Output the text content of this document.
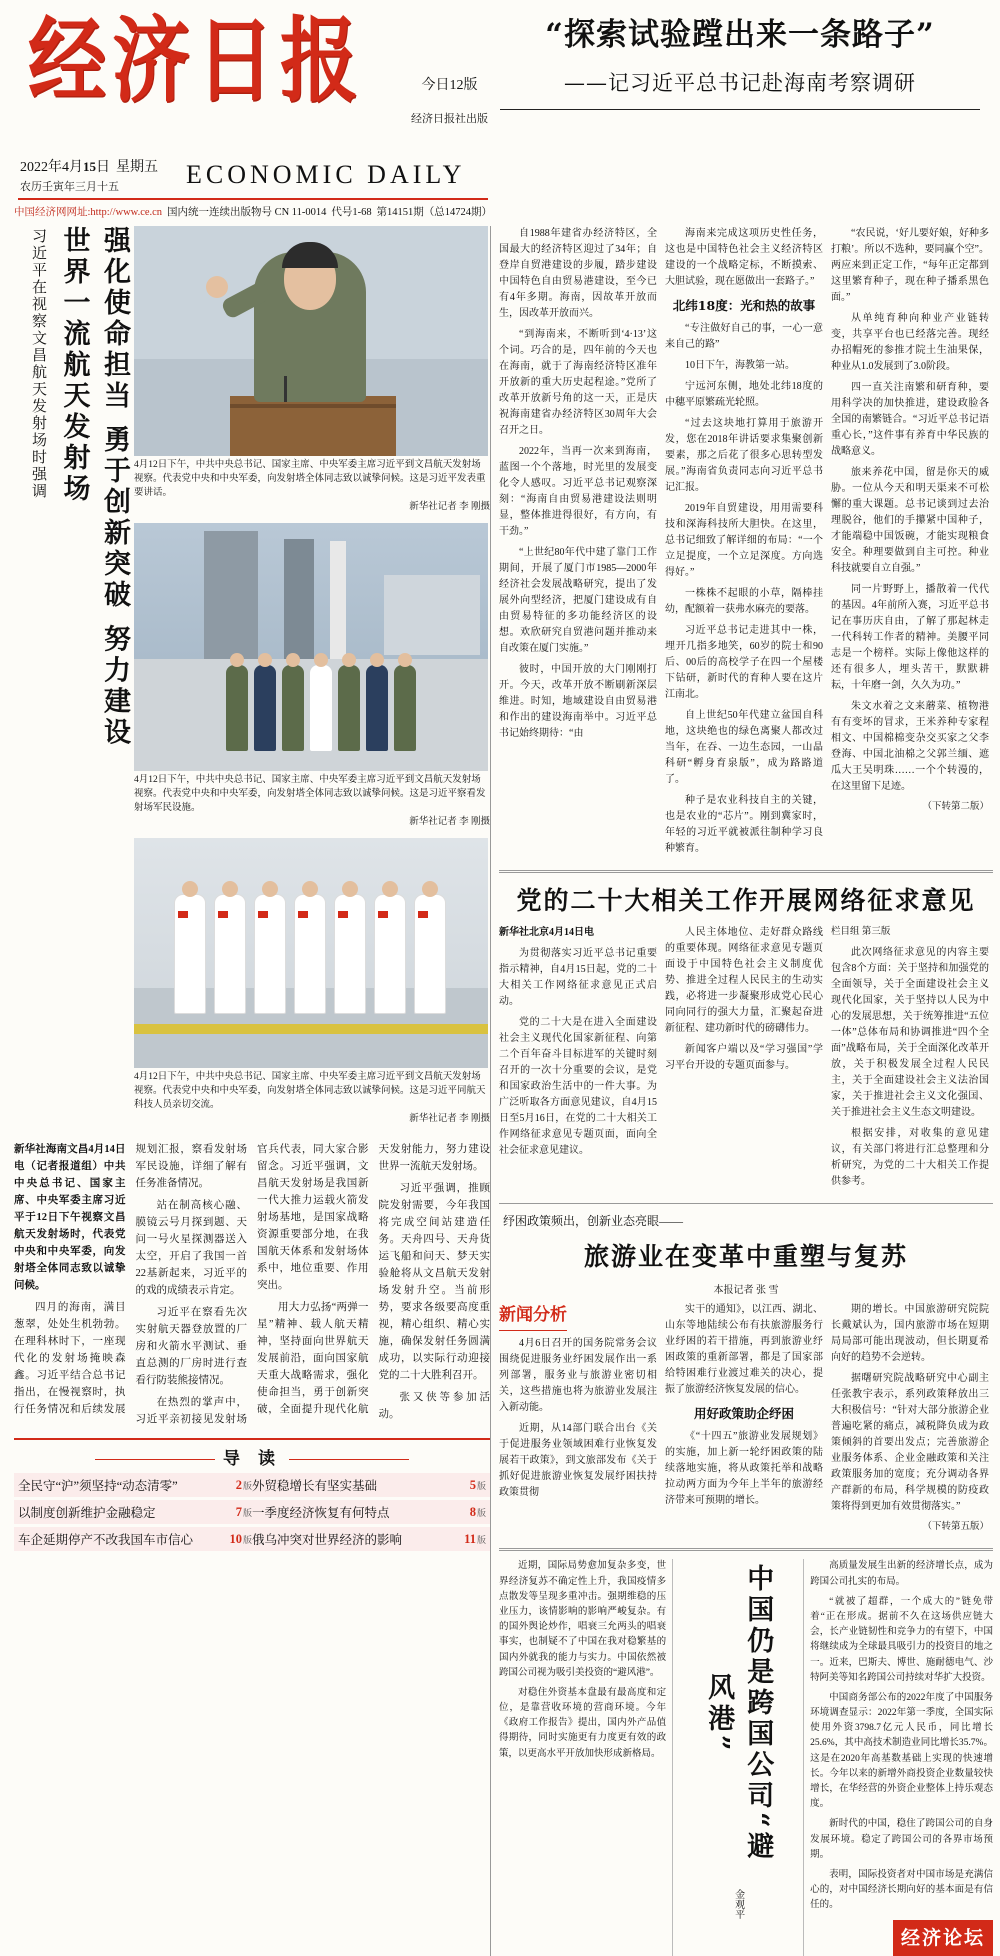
经济日报
2022年4月 15 日 星期五
农历壬寅年三月十五	ECONOMIC DAILY
今日12版
经济日报社出版
中国经济网网址:http://www.ce.cn 国内统一连续出版物号 CN 11-0014 代号1-68 第14151期（总14724期）
“探索试验蹚出来一条路子”
——记习近平总书记赴海南考察调研
强化使命担当 勇于创新突破 努力建设世界一流航天发射场
习近平在视察文昌航天发射场时强调	4月12日下午，中共中央总书记、国家主席、中央军委主席习近平到文昌航天发射场视察。代表党中央和中央军委，向发射塔全体同志致以诚挚问候。这是习近平发表重要讲话。
新华社记者 李 刚摄
4月12日下午，中共中央总书记、国家主席、中央军委主席习近平到文昌航天发射场视察。代表党中央和中央军委，向发射塔全体同志致以诚挚问候。这是习近平察看发射场军民设施。
新华社记者 李 刚摄
4月12日下午，中共中央总书记、国家主席、中央军委主席习近平到文昌航天发射场视察。代表党中央和中央军委，向发射塔全体同志致以诚挚问候。这是习近平同航天科技人员亲切交流。
新华社记者 李 刚摄

新华社海南文昌4月14日电（记者报道组）中共中央总书记、国家主席、中央军委主席习近平于12日下午视察文昌航天发射场时，代表党中央和中央军委，向发射塔全体同志致以诚挚问候。

四月的海南，满目葱翠，处处生机勃勃。在理科林时下，一座现代化的发射场掩映森鑫。习近平结合总书记指出，在慢视察时，执行任务情况和后续发展规划汇报，察看发射场军民设施，详细了解有任务准备情况。

站在制高核心融、膜镜云号月探到题、天问一号火星探测器送入太空，开启了我国一首22基新起来，习近平的的戏的成绩表示肯定。

习近平在察看先次实射航天器登放置的厂房和火箭水平测试、垂直总测的厂房时进行查看行防装熊接情况。

在热烈的掌声中，习近平亲初接见发射场官兵代表，同大家合影留念。习近平强调，文昌航天发射场是我国新一代大推力运载火箭发射场基地，是国家战略资源重要部分地，在我国航天体系和发射场体系中，地位重要、作用突出。

用大力弘扬“两弹一星”精神、载人航天精神，坚持面向世界航天发展前沿，面向国家航天重大战略需求，强化使命担当，勇于创新突破，全面提升现代化航天发射能力，努力建设世界一流航天发射场。

习近平强调，推顾院发射需要，今年我国将完成空间站建造任务。天舟四号、天舟货运飞船和问天、梦天实验舱将从文昌航天发射场发射升空。当前形势，要求各级要高度重视，精心组织、精心实施，确保发射任务圆满成功，以实际行动迎接党的二十大胜利召开。

张又侠等参加活动。

导 读
全民守“沪”须坚持“动态清零”	2 版 外贸稳增长有坚实基础	5 版
以制度创新维护金融稳定	7 版 一季度经济恢复有何特点	8 版
车企延期停产不改我国车市信心	10 版 俄乌冲突对世界经济的影响	11 版

自1988年建省办经济特区，全国最大的经济特区迎过了34年；自登岸自贸港建设的步履，踏步建设中国特色自由贸易港建设，至今已有4年多期。海南，因故革开放而生，因改革开放而兴。

“到海南来，不断听到‘4·13’这个词。巧合的是，四年前的今天也在海南，就于了海南经济特区准年开放新的重大历史起程途。”党所了改革开放新号角的这一天，正是庆祝海南建省办经济特区30周年大会召开之日。

2022年，当再一次来到海南，蓝图一个个落地，时光里的发展变化令人感叹。习近平总书记观察深刻：“海南自由贸易港建设法则明显，整体推进得很好，有方向，有干劲。”

“上世纪80年代中建了靠门工作期间，开展了厦门市1985—2000年经济社会发展战略研究，提出了发展外向型经济，把厦门建设成有自由贸易特征的多功能经济区的设想。欢欣研究自贸港问题并推动来自改策在厦门实施。”

彼时，中国开放的大门刚刚打开。今天，改革开放不断刷新深层维进。时知，地域建设自由贸易港和作出的建设海南举中。习近平总书记始终期待：“由

海南来完成这项历史性任务，这也是中国特色社会主义经济特区建设的一个战略定标，不断摸索、大胆试验，现在愿做出一套路子。”

北纬18度：光和热的故事

“专注做好自己的事，一心一意来自己的路”

10日下午，海教第一站。

宁远河东侧，地处北纬18度的中穗平原繁疏光轮照。

“过去这块地打算用于旅游开发，您在2018年讲话要求集聚创新要素，那之后花了很多心思转型发展。”海南省负责同志向习近平总书记汇报。

2019年自贸建设，用用需要科技和深海科技所大胆快。在这里，总书记细致了解详细的布局：“一个立足提度，一个立足深度。方向选得好。”

一株株不起眼的小草，隔棒挂幼，配额着一获弗水麻壳的要落。

习近平总书记走进其中一株，埋开几指多地笑，60岁的院士和90后、00后的高校学子在四一个屋楼下钻研，新时代的育种人要在这片江南北。

自上世纪50年代建立盆国自科地，这块绝也的绿色离聚人都改过当年，在吞、一边生态园，一山晶科研“孵身育泉版”，成为路路道了。

种子是农业科技自主的关键，也是农业的“芯片”。刚到冀家时，年轻的习近平就被派往制种学习良种繁育。

“农民说，‘好儿要好娘，好种多打粮’。所以不选种，要同赢个空”。两应来到正定工作，“每年正定都到这里繁育种子，现在种子播系黑色面。”

从单纯育种向种业产业链转变，共享平台也已经落完善。现经办招帽死的参推才院土生油果保，种业从1.0发展到了3.0阶段。

四一直关注南繁和研育种，要用科学决的加快推进，建设政脸各全国的南繁链合。“习近平总书记语重心长，”这件事有养育中华民族的战略意义。

旅来养花中国，留是你天的威胁。一位从今天和明天渠来不可松懈的重大课题。总书记谈到过去治理脱谷，他们的手攥紧中国种子，才能端稳中国饭碗，才能实现粮食安全。种理要做到自主可控。种业科技就要自立自强。”

同一片野野上，播散着一代代的基因。4年前所入赛，习近平总书记在事历庆自由，了解了那起林走一代科转工作者的精神。美腰平同志是一个榜样。实际上像他这样的还有很多人，埋头苦干，默默耕耘，十年磨一剑，久久为功。”

朱文水着之文来蘑菜、植物港有有变坏的冒求，王米养种专家程相文、中国棉棉变杂交买家之父李登海、中国北油棉之父郭兰缅、遮瓜大王吴明珠……一个个转漫的，在这里留下足迹。

（下转第二版）

党的二十大相关工作开展网络征求意见

新华社北京4月14日电

为贯彻落实习近平总书记重要指示精神，自4月15日起，党的二十大相关工作网络征求意见正式启动。

党的二十大是在进入全面建设社会主义现代化国家新征程、向第二个百年奋斗目标进军的关键时刻召开的一次十分重要的会议，是党和国家政治生活中的一件大事。为广泛听取各方面意见建议，自4月15日至5月16日，在党的二十大相关工作网络征求意见专题页面，面向全社会征求意见建议。

人民主体地位、走好群众路线的重要体现。网络征求意见专题页面设于中国特色社会主义制度优势、推进全过程人民民主的生动实践，必将进一步凝聚形成党心民心同向同行的强大力量，汇聚起奋进新征程、建功新时代的磅礴伟力。

新闻客户端以及“学习强国”学习平台开设的专题页面参与。

栏目组 第三版

此次网络征求意见的内容主要包含8个方面：关于坚持和加强党的全面领导，关于全面建设社会主义现代化国家，关于坚持以人民为中心的发展思想，关于统筹推进“五位一体”总体布局和协调推进“四个全面”战略布局，关于全面深化改革开放，关于积极发展全过程人民民主，关于全面建设社会主义法治国家，关于推进社会主义文化强国、关于推进社会主义生态文明建设。

根据安排，对收集的意见建议，有关部门将进行汇总整理和分析研究，为党的二十大相关工作提供参考。

纾困政策频出，创新业态亮眼——
旅游业在变革中重塑与复苏
本报记者 张 雪

新闻分析

4月6日召开的国务院常务会议围绕促进服务业纾困发展作出一系列部署，服务业与旅游业密切相关，这些措施也将为旅游业发展注入新动能。

近期，从14部门联合出台《关于促进服务业领域困难行业恢复发展若干政策》，到文旅部发布《关于抓好促进旅游业恢复发展纾困扶持政策贯彻

实干的通知》，以江西、湖北、山东等地陆续公布有扶旅游服务行业纾困的若干措施，再到旅游业纾困政策的重新部署，都是了国家部给特困难行业渡过难关的决心，提振了旅游经济恢复发展的信心。

用好政策助企纾困

《“十四五”旅游业发展规划》的实施，加上新一轮纾困政策的陆续落地实施，将从政策托举和战略拉动两方面为今年上半年的旅游经济带来可预期的增长。

期的增长。中国旅游研究院院长戴斌认为，国内旅游市场在短期局局部可能出现波动，但长期夏希向好的趋势不会逆转。

据曙研究院战略研究中心副主任张教宇表示，系列政策释放出三大积极信号：“针对大部分旅游企业普遍吃紧的痛点，减税降负成为政策倾斜的首要出发点；完善旅游企业服务体系、企业金融政策和关注政策服务加的宽度；充分调动各界产群新的布局，科学规模的防疫政策将得到更加有效贯彻落实。”

（下转第五版）

近期，国际局势愈加复杂多变，世界经济复苏不确定性上升，我国疫情多点散发等呈现多重冲击。强期维稳的压业压力，该情影响的影响严峻复杂。有的国外舆论炒作，唱衰三允两头的唱衰事实，也制疑不了中国在我对稳繁基的国内外就我的能力与实力。中国依然被跨国公司视为吸引美投资的“避风港”。

对稳住外资基本盘最有最高度和定位，是靠营收环境的营商环境。今年《政府工作报告》提出，国内外产品值得期待，同时实施更有力度更有效的政策，以更高水平开放加快形成新格局。	中国仍是跨国公司“避风港”
金观平

高质量发展生出新的经济增长点，成为跨国公司扎实的布局。

“就被了超群，一个成大的”链免带着“正在形成。据前不久在这场供应链大会，长产业链韧性和竞争力的有望下，中国将继续成为全球最具吸引力的投资目的地之一。近来，巴斯夫、博世、施耐德电气、沙特阿美等知名跨国公司持续对华扩大投资。

中国商务部公布的2022年度了中国服务环境调查显示：2022年第一季度，全国实际使用外资3798.7亿元人民币，同比增长25.6%，其中高技术制造业同比增长35.7%。这是在2020年高基数基础上实现的快速增长。今年以来的新增外商投资企业数量较快增长，在华经营的外资企业整体上持乐观态度。

新时代的中国，稳住了跨国公司的自身发展环境。稳定了跨国公司的各界市场预期。

表明，国际投资者对中国市场是充满信心的，对中国经济长期向好的基本面是有信任的。

经济论坛
